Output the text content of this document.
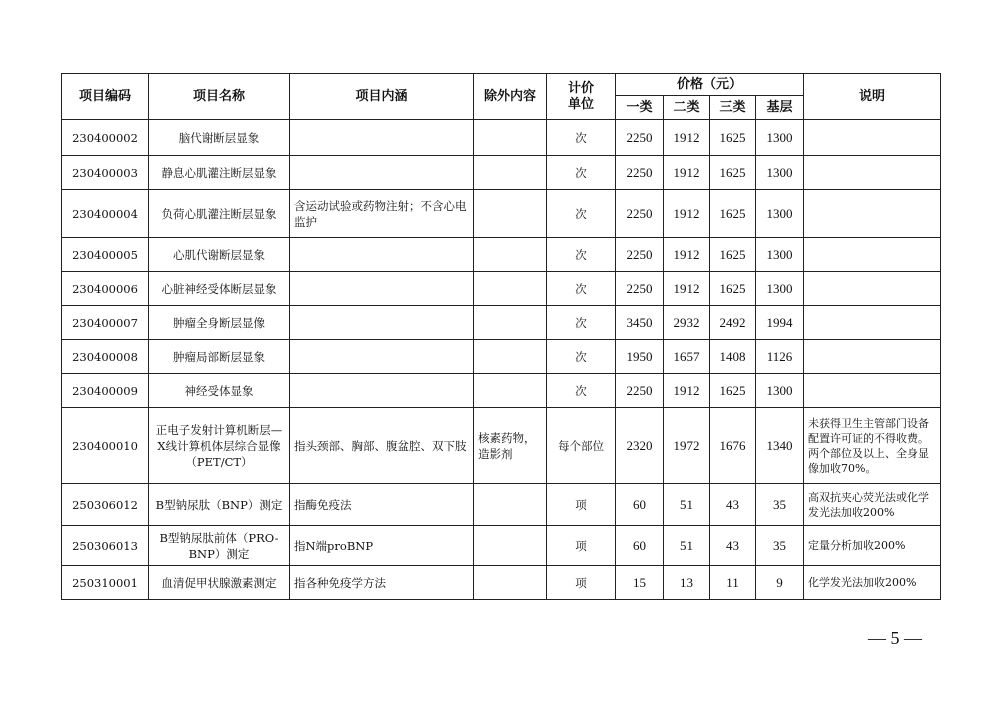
项目编码	项目名称	项目内涵	除外内容	计价单位	价格（元）				说明
					一类	二类	三类	基层	
230400002	脑代谢断层显象			次	2250	1912	1625	1300	
230400003	静息心肌灌注断层显象			次	2250	1912	1625	1300	
230400004	负荷心肌灌注断层显象	含运动试验或药物注射；不含心电监护		次	2250	1912	1625	1300	
230400005	心肌代谢断层显象			次	2250	1912	1625	1300	
230400006	心脏神经受体断层显象			次	2250	1912	1625	1300	
230400007	肿瘤全身断层显像			次	3450	2932	2492	1994	
230400008	肿瘤局部断层显象			次	1950	1657	1408	1126	
230400009	神经受体显象			次	2250	1912	1625	1300	
230400010	正电子发射计算机断层—X线计算机体层综合显像（PET/CT）	指头颈部、胸部、腹盆腔、双下肢	核素药物，造影剂	每个部位	2320	1972	1676	1340	未获得卫生主管部门设备配置许可证的不得收费。两个部位及以上、全身显像加收70%。
250306012	B型钠尿肽（BNP）测定	指酶免疫法		项	60	51	43	35	高双抗夹心荧光法或化学发光法加收200%
250306013	B型钠尿肽前体（PRO-BNP）测定	指N端proBNP		项	60	51	43	35	定量分析加收200%
250310001	血清促甲状腺激素测定	指各种免疫学方法		项	15	13	11	9	化学发光法加收200%
— 5 —
